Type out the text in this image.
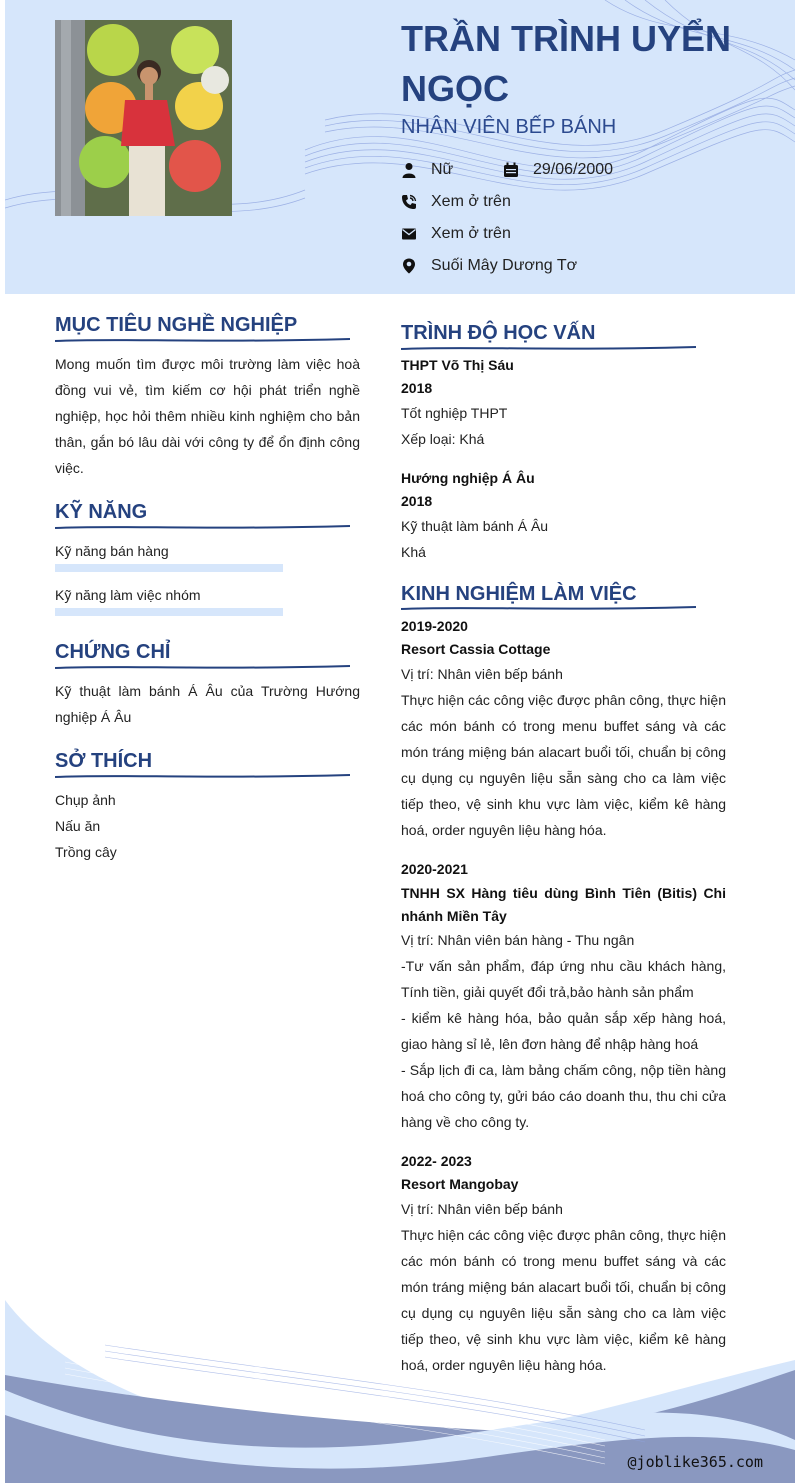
TRẦN TRÌNH UYỂN NGỌC

NHÂN VIÊN BẾP BÁNH

Nữ	29/06/2000
Xem ở trên
Xem ở trên
Suối Mây Dương Tơ
MỤC TIÊU NGHỀ NGHIỆP

Mong muốn tìm được môi trường làm việc hoà đồng vui vẻ, tìm kiếm cơ hội phát triển nghề nghiệp, học hỏi thêm nhiều kinh nghiệm cho bản thân, gắn bó lâu dài với công ty để ổn định công việc.

KỸ NĂNG

Kỹ năng bán hàng

Kỹ năng làm việc nhóm

CHỨNG CHỈ

Kỹ thuật làm bánh Á Âu của Trường Hướng nghiệp Á Âu

SỞ THÍCH

Chụp ảnh

Nấu ăn

Trồng cây

TRÌNH ĐỘ HỌC VẤN

THPT Võ Thị Sáu

2018

Tốt nghiệp THPT

Xếp loại: Khá

Hướng nghiệp Á Âu

2018

Kỹ thuật làm bánh Á Âu

Khá

KINH NGHIỆM LÀM VIỆC

2019-2020

Resort Cassia Cottage

Vị trí: Nhân viên bếp bánh

Thực hiện các công việc được phân công, thực hiện các món bánh có trong menu buffet sáng và các món tráng miệng bán alacart buổi tối, chuẩn bị công cụ dụng cụ nguyên liệu sẵn sàng cho ca làm việc tiếp theo, vệ sinh khu vực làm việc, kiểm kê hàng hoá, order nguyên liệu hàng hóa.

2020-2021

TNHH SX Hàng tiêu dùng Bình Tiên (Bitis) Chi nhánh Miền Tây

Vị trí: Nhân viên bán hàng - Thu ngân

-Tư vấn sản phẩm, đáp ứng nhu cầu khách hàng, Tính tiền, giải quyết đổi trả,bảo hành sản phẩm

- kiểm kê hàng hóa, bảo quản sắp xếp hàng hoá, giao hàng sỉ lẻ, lên đơn hàng để nhập hàng hoá

- Sắp lịch đi ca, làm bảng chấm công, nộp tiền hàng hoá cho công ty, gửi báo cáo doanh thu, thu chi cửa hàng về cho công ty.

2022- 2023

Resort Mangobay

Vị trí: Nhân viên bếp bánh

Thực hiện các công việc được phân công, thực hiện các món bánh có trong menu buffet sáng và các món tráng miệng bán alacart buổi tối, chuẩn bị công cụ dụng cụ nguyên liệu sẵn sàng cho ca làm việc tiếp theo, vệ sinh khu vực làm việc, kiểm kê hàng hoá, order nguyên liệu hàng hóa.

@joblike365.com
